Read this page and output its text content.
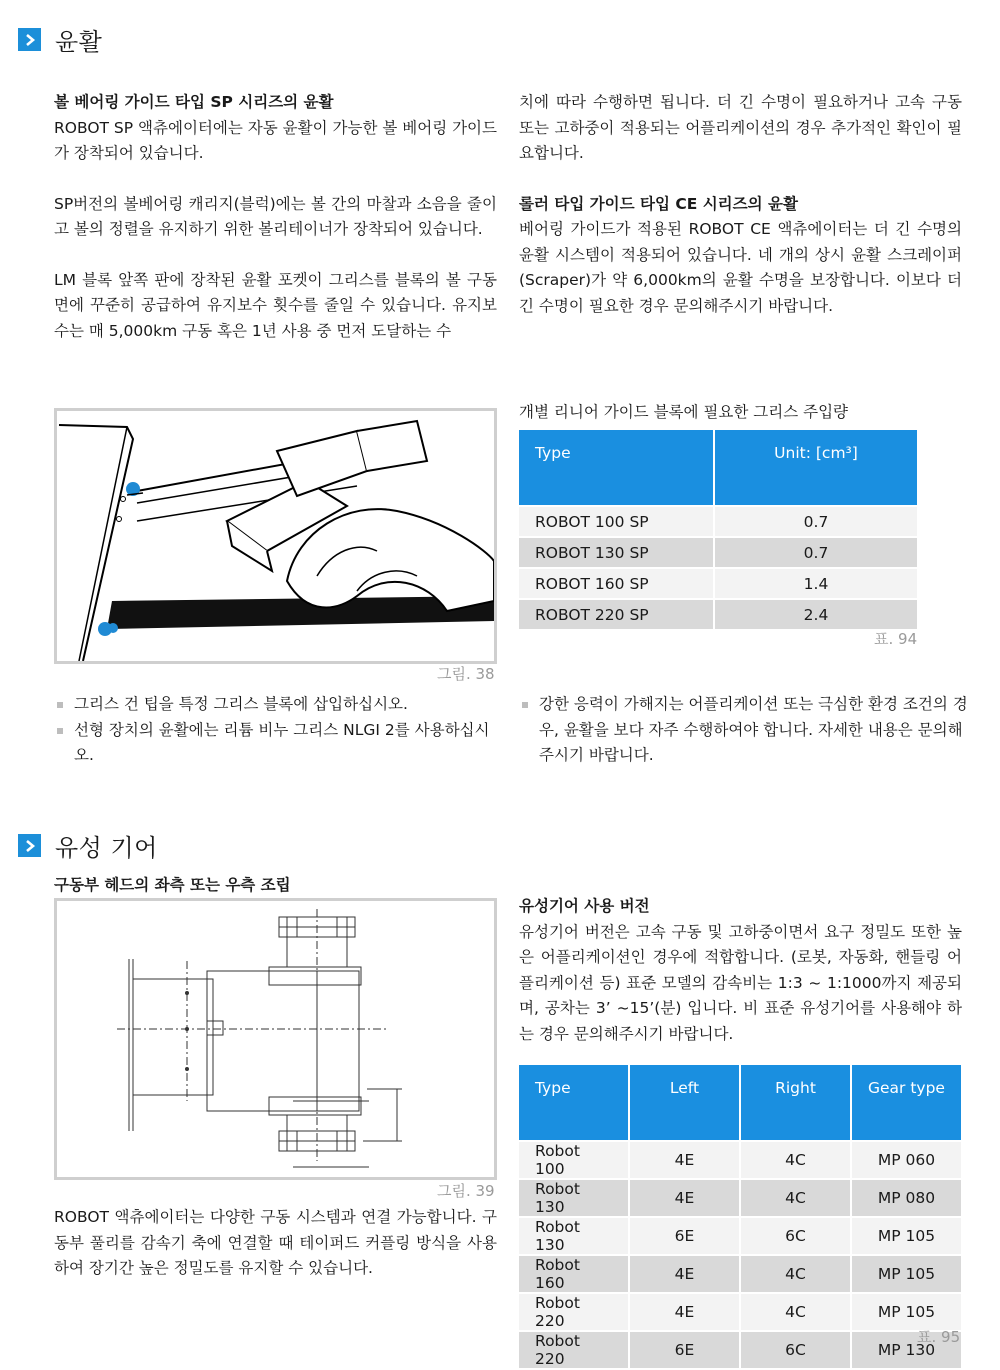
윤활
볼 베어링 가이드 타입 SP 시리즈의 윤활
ROBOT SP 액츄에이터에는 자동 윤활이 가능한 볼 베어링 가이드가 장착되어 있습니다.
SP버전의 볼베어링 캐리지(블럭)에는 볼 간의 마찰과 소음을 줄이고 볼의 정렬을 유지하기 위한 볼리테이너가 장착되어 있습니다.
LM 블록 앞쪽 판에 장착된 윤활 포켓이 그리스를 블록의 볼 구동면에 꾸준히 공급하여 유지보수 횟수를 줄일 수 있습니다. 유지보수는 매 5,000km 구동 혹은 1년 사용 중 먼저 도달하는 수
치에 따라 수행하면 됩니다. 더 긴 수명이 필요하거나 고속 구동 또는 고하중이 적용되는 어플리케이션의 경우 추가적인 확인이 필요합니다.
롤러 타입 가이드 타입 CE 시리즈의 윤활
베어링 가이드가 적용된 ROBOT CE 액츄에이터는 더 긴 수명의 윤활 시스템이 적용되어 있습니다. 네 개의 상시 윤활 스크레이퍼(Scraper)가 약 6,000km의 윤활 수명을 보장합니다. 이보다 더 긴 수명이 필요한 경우 문의해주시기 바랍니다.
그림. 38
개별 리니어 가이드 블록에 필요한 그리스 주입량
Type	Unit: [cm³]
ROBOT 100 SP	0.7
ROBOT 130 SP	0.7
ROBOT 160 SP	1.4
ROBOT 220 SP	2.4
표. 94
그리스 건 팁을 특정 그리스 블록에 삽입하십시오.
선형 장치의 윤활에는 리튬 비누 그리스 NLGI 2를 사용하십시오.
강한 응력이 가해지는 어플리케이션 또는 극심한 환경 조건의 경우, 윤활을 보다 자주 수행하여야 합니다. 자세한 내용은 문의해주시기 바랍니다.
유성 기어
구동부 헤드의 좌측 또는 우측 조립
그림. 39
ROBOT 액츄에이터는 다양한 구동 시스템과 연결 가능합니다. 구동부 풀리를 감속기 축에 연결할 때 테이퍼드 커플링 방식을 사용하여 장기간 높은 정밀도를 유지할 수 있습니다.
유성기어 사용 버전
유성기어 버전은 고속 구동 및 고하중이면서 요구 정밀도 또한 높은 어플리케이션인 경우에 적합합니다. (로봇, 자동화, 핸들링 어플리케이션 등) 표준 모델의 감속비는 1:3 ~ 1:1000까지 제공되며, 공차는 3’ ~15’(분) 입니다. 비 표준 유성기어를 사용해야 하는 경우 문의해주시기 바랍니다.
Type	Left	Right	Gear type
Robot 100	4E	4C	MP 060
Robot 130	4E	4C	MP 080
Robot 130	6E	6C	MP 105
Robot 160	4E	4C	MP 105
Robot 220	4E	4C	MP 105
Robot 220	6E	6C	MP 130
표. 95
